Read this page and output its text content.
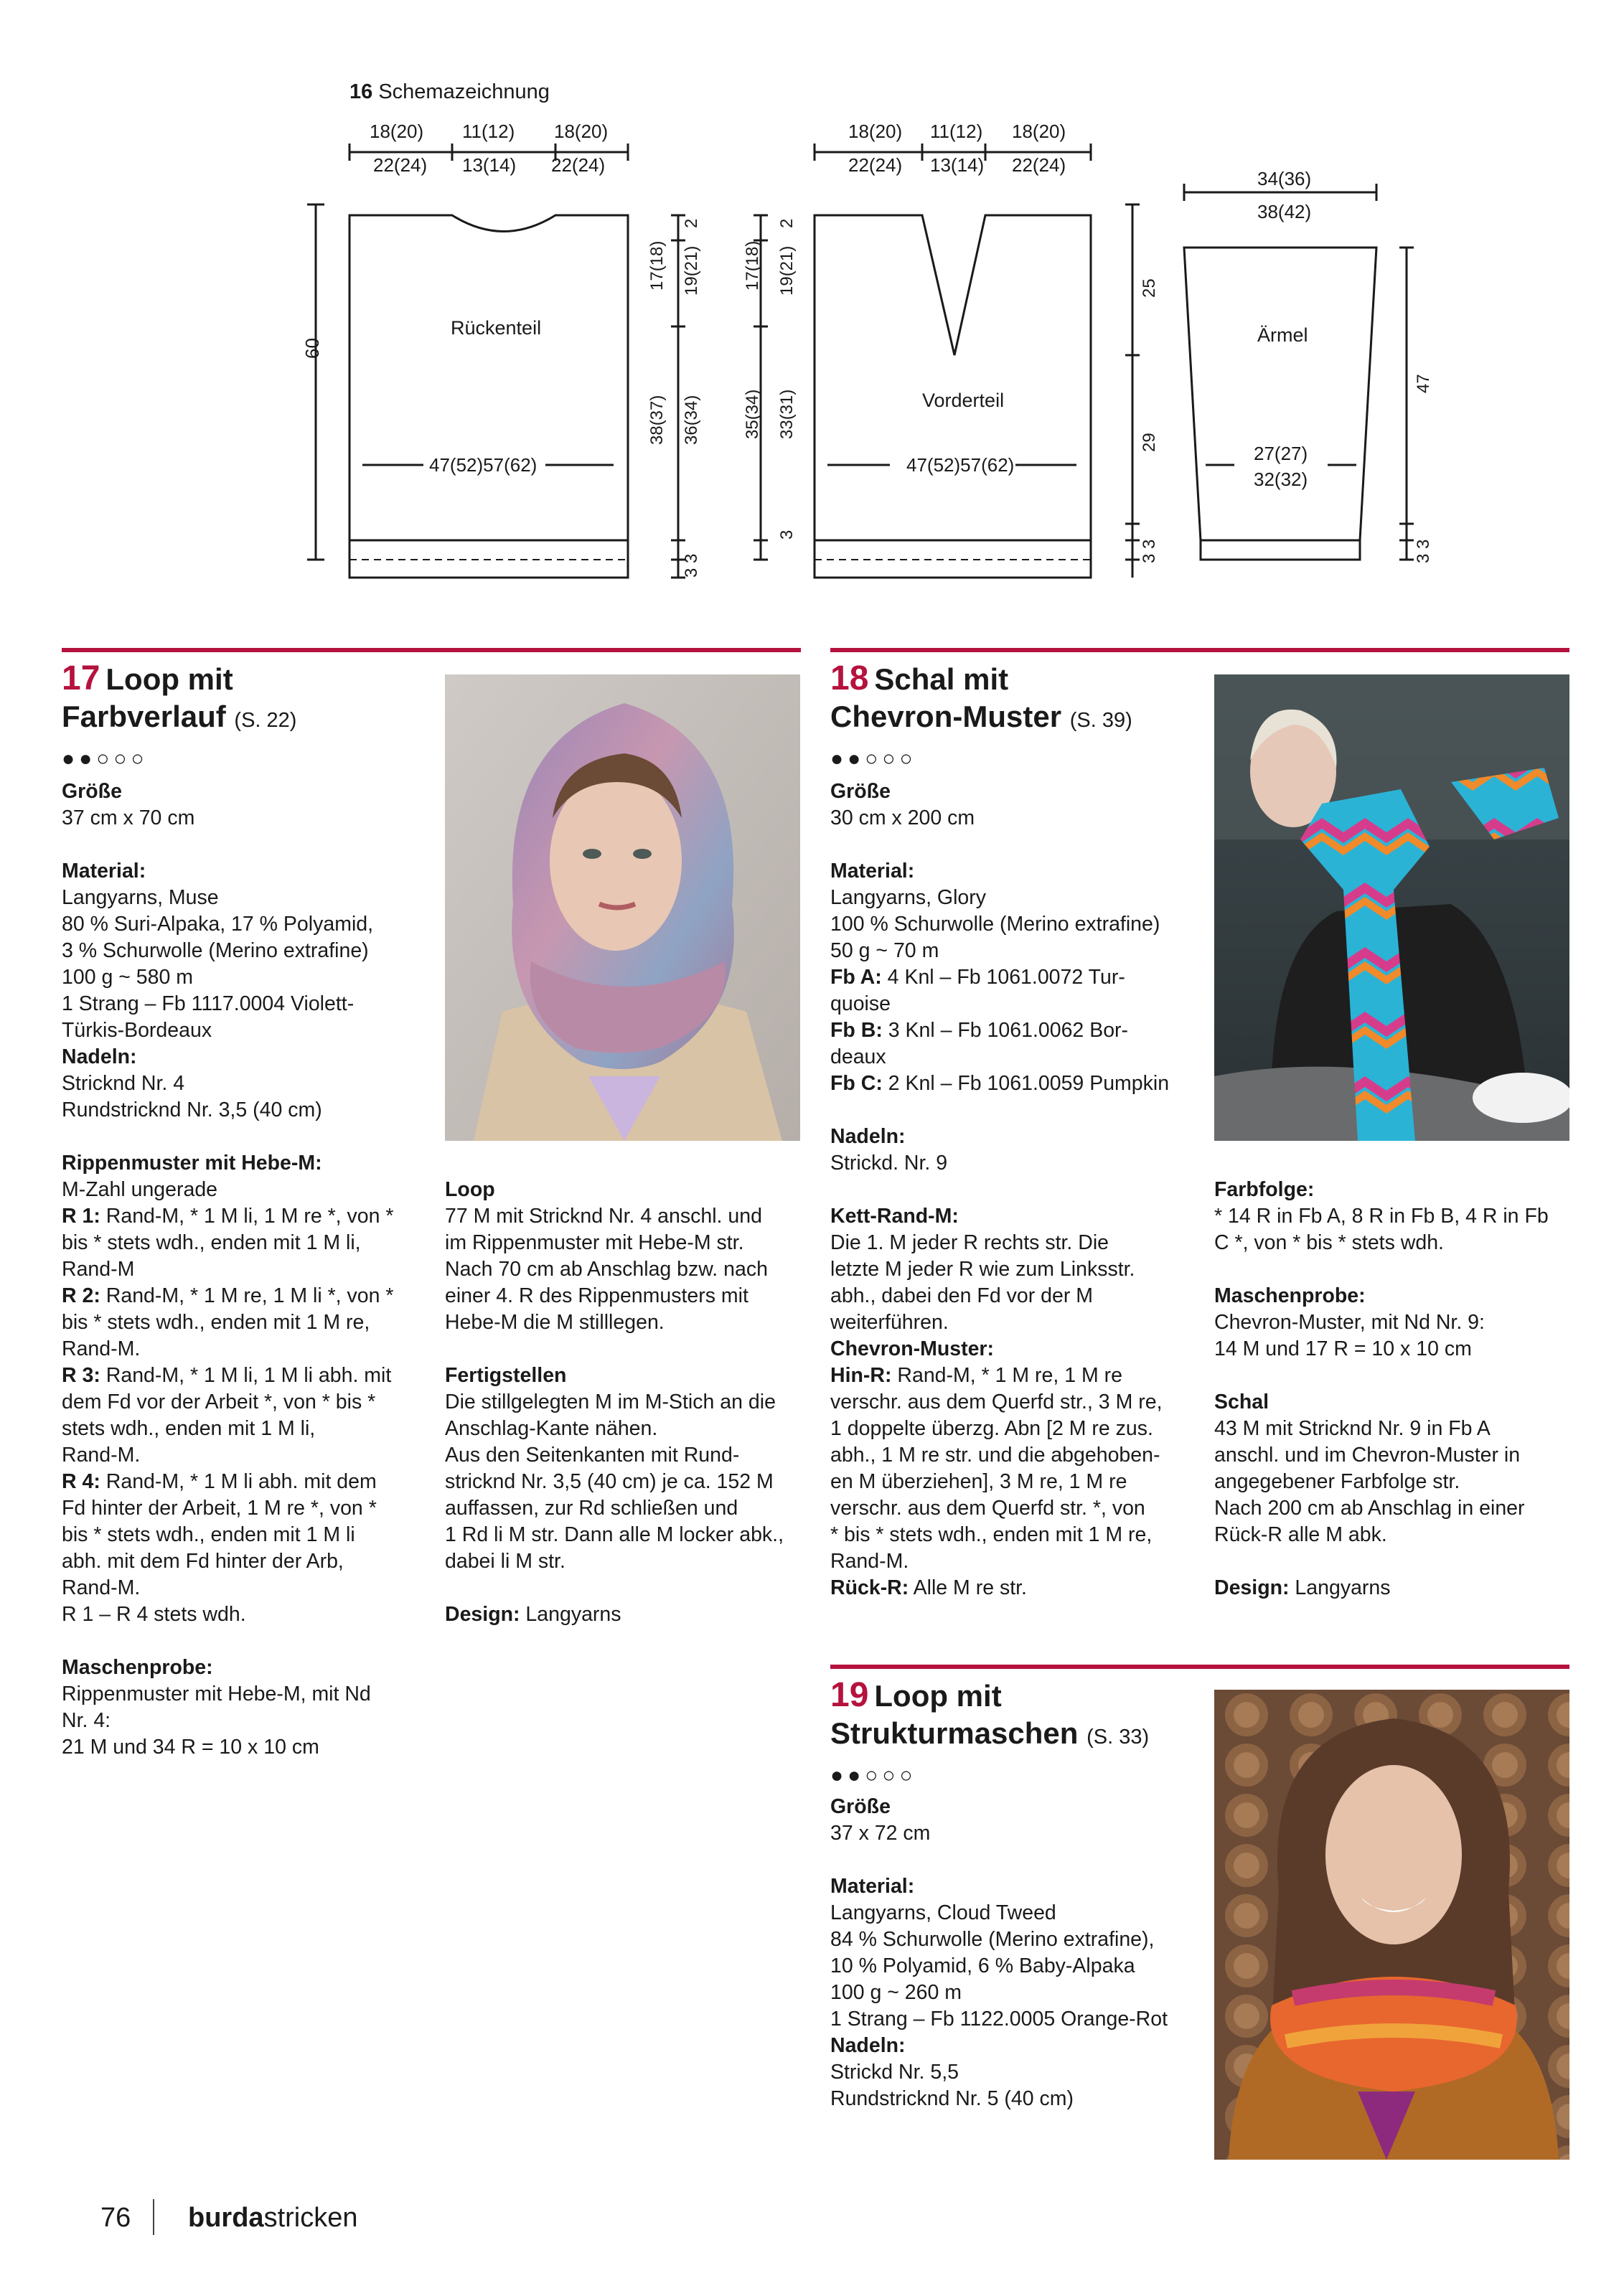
16 Schemazeichnung
18(20) 11(12) 18(20)
22(24) 13(14) 22(24)
Rückenteil
47(52)57(62)
60
2
19(21)
36(34)
3 3
17(18)
38(37)
18(20) 11(12) 18(20)
22(24) 13(14) 22(24)
Vorderteil
47(52)57(62)
17(18)
35(34)
2
19(21)
33(31)
3
25
29
3 3
34(36)
38(42)
Ärmel
27(27)
32(32)
47
3 3
17 Loop mit
Farbverlauf (S. 22)
●●○○○
Größe
37 cm x 70 cm
Material:
Langyarns, Muse
80 % Suri-Alpaka, 17 % Polyamid,
3 % Schurwolle (Merino extrafine)
100 g ~ 580 m
1 Strang – Fb 1117.0004 Violett-
Türkis-Bordeaux
Nadeln:
Stricknd Nr. 4
Rundstricknd Nr. 3,5 (40 cm)
Rippenmuster mit Hebe-M:
M-Zahl ungerade
R 1: Rand-M, * 1 M li, 1 M re *, von *
bis * stets wdh., enden mit 1 M li,
Rand-M
R 2: Rand-M, * 1 M re, 1 M li *, von *
bis * stets wdh., enden mit 1 M re,
Rand-M.
R 3: Rand-M, * 1 M li, 1 M li abh. mit
dem Fd vor der Arbeit *, von * bis *
stets wdh., enden mit 1 M li,
Rand-M.
R 4: Rand-M, * 1 M li abh. mit dem
Fd hinter der Arbeit, 1 M re *, von *
bis * stets wdh., enden mit 1 M li
abh. mit dem Fd hinter der Arb,
Rand-M.
R 1 – R 4 stets wdh.
Maschenprobe:
Rippenmuster mit Hebe-M, mit Nd
Nr. 4:
21 M und 34 R = 10 x 10 cm
Loop
77 M mit Stricknd Nr. 4 anschl. und
im Rippenmuster mit Hebe-M str.
Nach 70 cm ab Anschlag bzw. nach
einer 4. R des Rippenmusters mit
Hebe-M die M stilllegen.
Fertigstellen
Die stillgelegten M im M-Stich an die
Anschlag-Kante nähen.
Aus den Seitenkanten mit Rund-
stricknd Nr. 3,5 (40 cm) je ca. 152 M
auffassen, zur Rd schließen und
1 Rd li M str. Dann alle M locker abk.,
dabei li M str.
Design: Langyarns
18 Schal mit
Chevron-Muster (S. 39)
●●○○○
Größe
30 cm x 200 cm
Material:
Langyarns, Glory
100 % Schurwolle (Merino extrafine)
50 g ~ 70 m
Fb A: 4 Knl – Fb 1061.0072 Tur-
quoise
Fb B: 3 Knl – Fb 1061.0062 Bor-
deaux
Fb C: 2 Knl – Fb 1061.0059 Pumpkin
Nadeln:
Strickd. Nr. 9
Kett-Rand-M:
Die 1. M jeder R rechts str. Die
letzte M jeder R wie zum Linksstr.
abh., dabei den Fd vor der M
weiterführen.
Chevron-Muster:
Hin-R: Rand-M, * 1 M re, 1 M re
verschr. aus dem Querfd str., 3 M re,
1 doppelte überzg. Abn [2 M re zus.
abh., 1 M re str. und die abgehoben-
en M überziehen], 3 M re, 1 M re
verschr. aus dem Querfd str. *, von
* bis * stets wdh., enden mit 1 M re,
Rand-M.
Rück-R: Alle M re str.
Farbfolge:
* 14 R in Fb A, 8 R in Fb B, 4 R in Fb
C *, von * bis * stets wdh.
Maschenprobe:
Chevron-Muster, mit Nd Nr. 9:
14 M und 17 R = 10 x 10 cm
Schal
43 M mit Stricknd Nr. 9 in Fb A
anschl. und im Chevron-Muster in
angegebener Farbfolge str.
Nach 200 cm ab Anschlag in einer
Rück-R alle M abk.
Design: Langyarns
19 Loop mit
Strukturmaschen (S. 33)
●●○○○
Größe
37 x 72 cm
Material:
Langyarns, Cloud Tweed
84 % Schurwolle (Merino extrafine),
10 % Polyamid, 6 % Baby-Alpaka
100 g ~ 260 m
1 Strang – Fb 1122.0005 Orange-Rot
Nadeln:
Strickd Nr. 5,5
Rundstricknd Nr. 5 (40 cm)
76 burdastricken
